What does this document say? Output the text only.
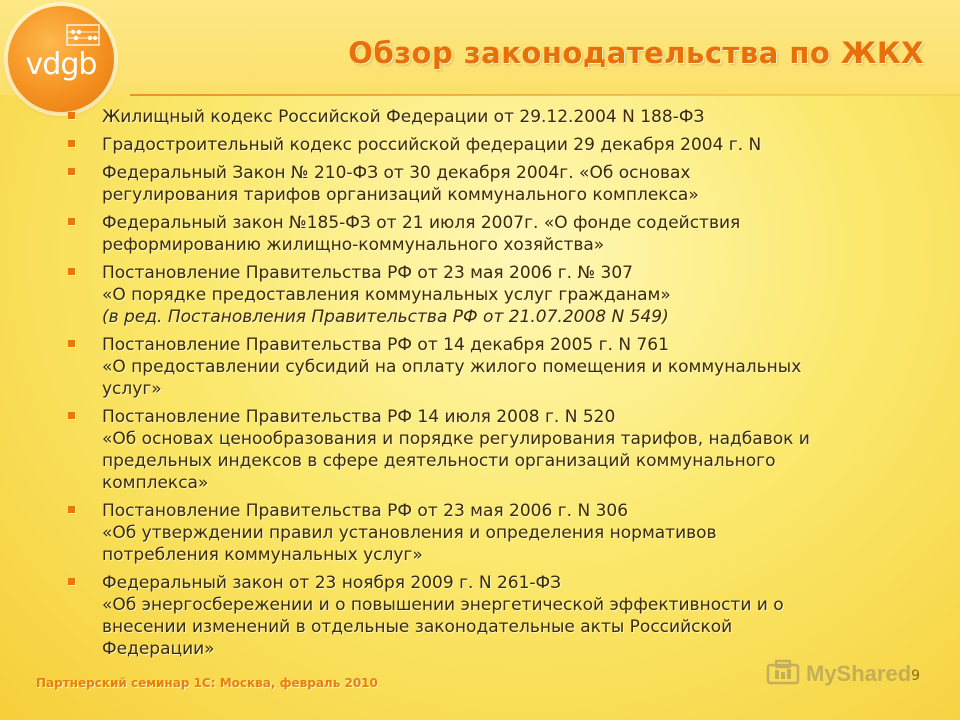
vdgb	Обзор законодательства по ЖКХ
Жилищный кодекс Российской Федерации от 29.12.2004 N 188-ФЗ
Градостроительный кодекс российской федерации 29 декабря 2004 г. N
Федеральный Закон № 210-ФЗ от 30 декабря 2004г. «Об основах
регулирования тарифов организаций коммунального комплекса»
Федеральный закон №185-ФЗ от 21 июля 2007г. «О фонде содействия
реформированию жилищно-коммунального хозяйства»
Постановление Правительства РФ от 23 мая 2006 г. № 307
«О порядке предоставления коммунальных услуг гражданам»
(в ред. Постановления Правительства РФ от 21.07.2008 N 549)
Постановление Правительства РФ от 14 декабря 2005 г. N 761
«О предоставлении субсидий на оплату жилого помещения и коммунальных
услуг»
Постановление Правительства РФ 14 июля 2008 г. N 520
«Об основах ценообразования и порядке регулирования тарифов, надбавок и
предельных индексов в сфере деятельности организаций коммунального
комплекса»
Постановление Правительства РФ от 23 мая 2006 г. N 306
«Об утверждении правил установления и определения нормативов
потребления коммунальных услуг»
Федеральный закон от 23 ноября 2009 г. N 261-ФЗ
«Об энергосбережении и о повышении энергетической эффективности и о
внесении изменений в отдельные законодательные акты Российской
Федерации»
Партнерский семинар 1С: Москва, февраль 2010	MyShared 9
